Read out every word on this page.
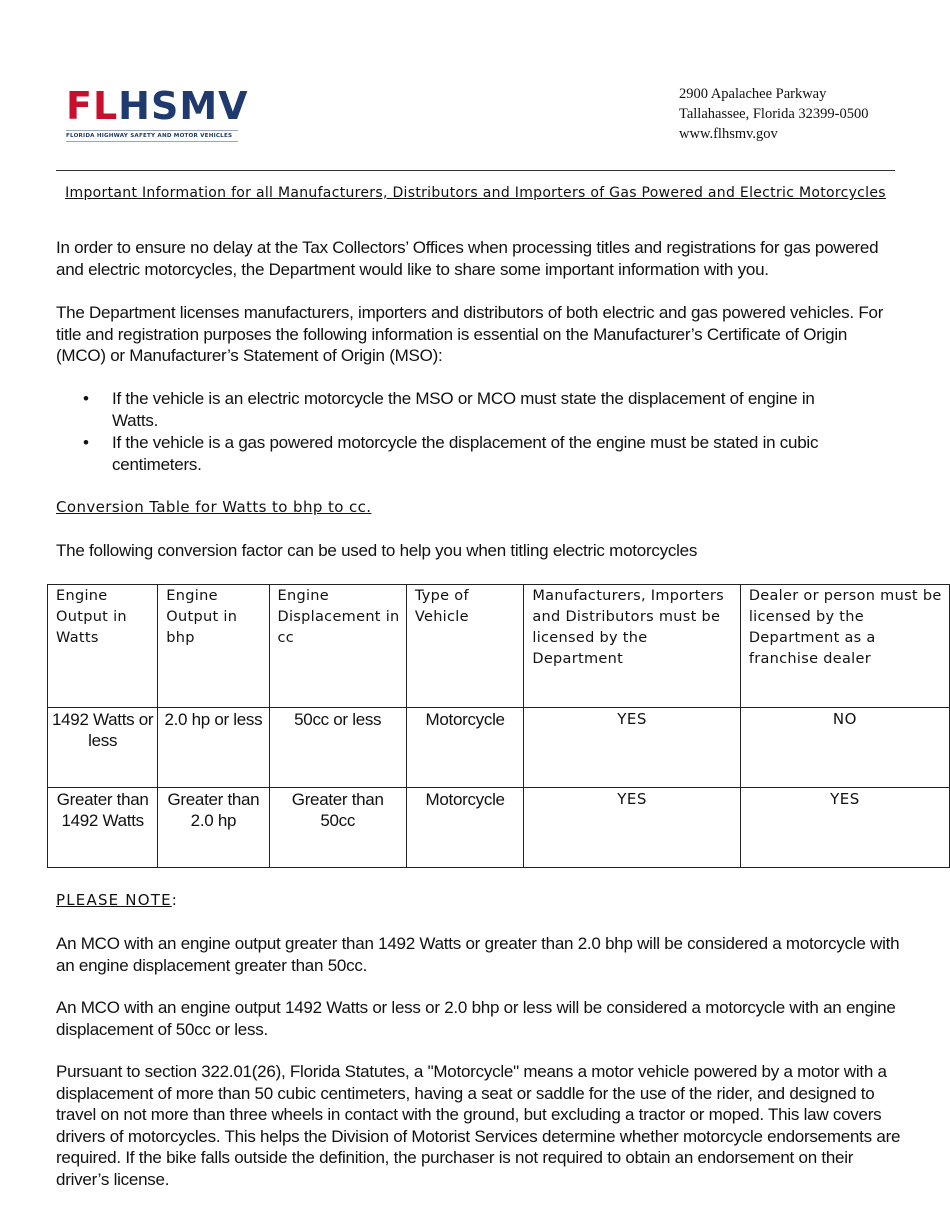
FLHSMV
FLORIDA HIGHWAY SAFETY AND MOTOR VEHICLES
2900 Apalachee Parkway
Tallahassee, Florida 32399-0500
www.flhsmv.gov
Important Information for all Manufacturers, Distributors and Importers of Gas Powered and Electric Motorcycles
In order to ensure no delay at the Tax Collectors’ Offices when processing titles and registrations for gas powered and electric motorcycles, the Department would like to share some important information with you.
The Department licenses manufacturers, importers and distributors of both electric and gas powered vehicles. For title and registration purposes the following information is essential on the Manufacturer’s Certificate of Origin (MCO) or Manufacturer’s Statement of Origin (MSO):
• If the vehicle is an electric motorcycle the MSO or MCO must state the displacement of engine in Watts.
• If the vehicle is a gas powered motorcycle the displacement of the engine must be stated in cubic centimeters.
Conversion Table for Watts to bhp to cc.
The following conversion factor can be used to help you when titling electric motorcycles
Engine Output in Watts	Engine Output in bhp	Engine Displacement in cc	Type of Vehicle	Manufacturers, Importers and Distributors must be licensed by the Department	Dealer or person must be licensed by the Department as a franchise dealer
1492 Watts or less	2.0 hp or less	50cc or less	Motorcycle	YES	NO
Greater than 1492 Watts	Greater than 2.0 hp	Greater than 50cc	Motorcycle	YES	YES
PLEASE NOTE:
An MCO with an engine output greater than 1492 Watts or greater than 2.0 bhp will be considered a motorcycle with an engine displacement greater than 50cc.
An MCO with an engine output 1492 Watts or less or 2.0 bhp or less will be considered a motorcycle with an engine displacement of 50cc or less.
Pursuant to section 322.01(26), Florida Statutes, a "Motorcycle" means a motor vehicle powered by a motor with a displacement of more than 50 cubic centimeters, having a seat or saddle for the use of the rider, and designed to travel on not more than three wheels in contact with the ground, but excluding a tractor or moped. This law covers drivers of motorcycles. This helps the Division of Motorist Services determine whether motorcycle endorsements are required. If the bike falls outside the definition, the purchaser is not required to obtain an endorsement on their driver’s license.
